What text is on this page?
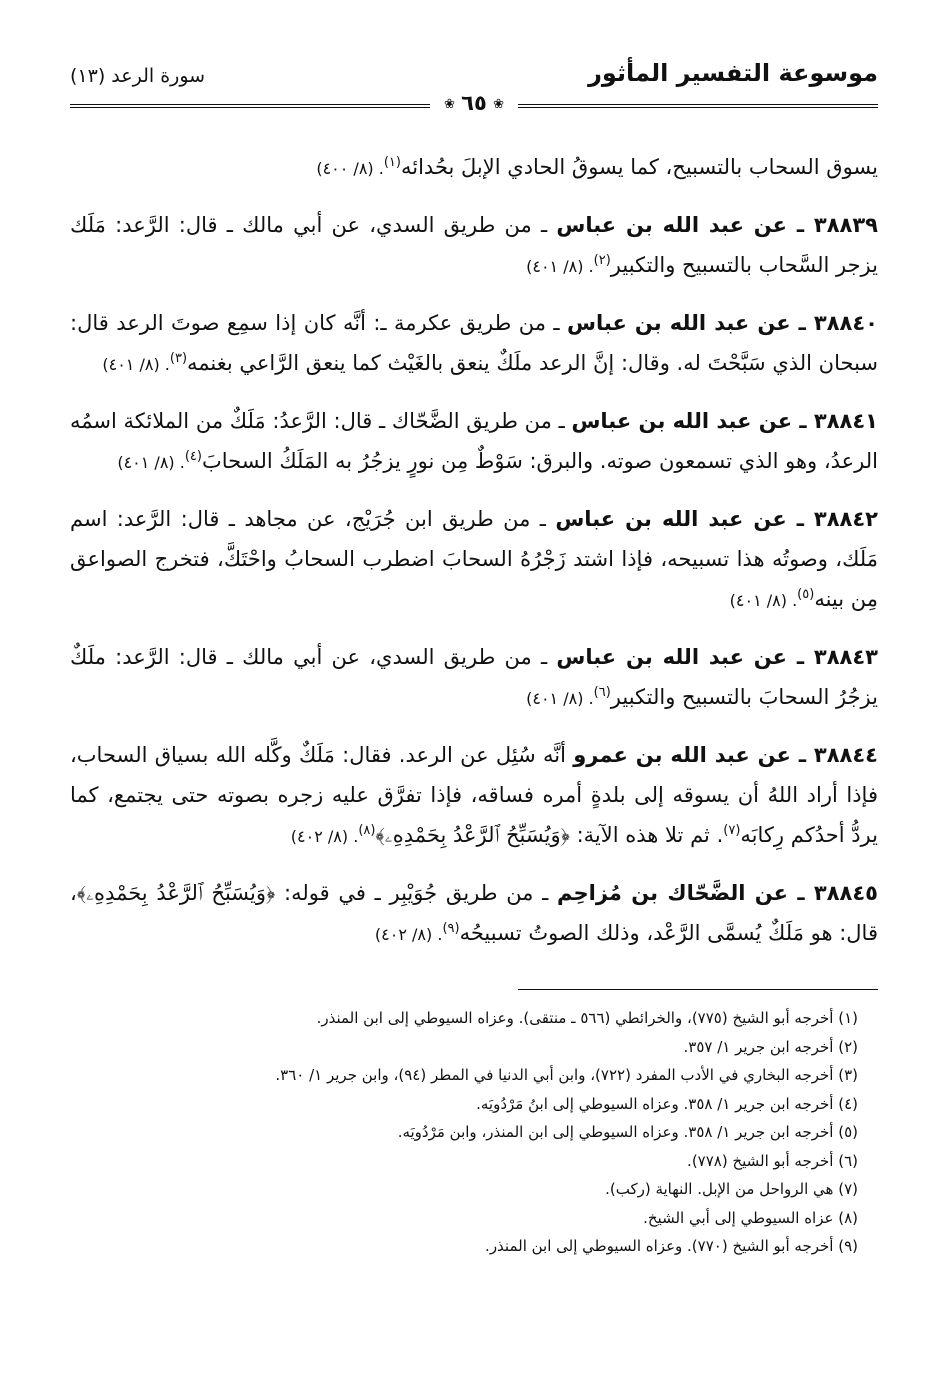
موسوعة التفسير المأثور
سورة الرعد (١٣)
❀
٦٥
❀
يسوق السحاب بالتسبيح، كما يسوقُ الحادي الإبلَ بحُدائه$^{(١)}$. (٨/ ٤٠٠)
٣٨٨٣٩ ـ عن عبد الله بن عباس ـ من طريق السدي، عن أبي مالك ـ قال: الرَّعد: مَلَك يزجر السَّحاب بالتسبيح والتكبير$^{(٢)}$. (٨/ ٤٠١)
٣٨٨٤٠ ـ عن عبد الله بن عباس ـ من طريق عكرمة ـ: أنَّه كان إذا سمِع صوتَ الرعد قال: سبحان الذي سَبَّحْتَ له. وقال: إنَّ الرعد ملَكٌ ينعق بالغَيْث كما ينعق الرَّاعي بغنمه$^{(٣)}$. (٨/ ٤٠١)
٣٨٨٤١ ـ عن عبد الله بن عباس ـ من طريق الضَّحّاك ـ قال: الرَّعدُ: مَلَكٌ من الملائكة اسمُه الرعدُ، وهو الذي تسمعون صوته. والبرق: سَوْطٌ مِن نورٍ يزجُرُ به المَلَكُ السحابَ$^{(٤)}$. (٨/ ٤٠١)
٣٨٨٤٢ ـ عن عبد الله بن عباس ـ من طريق ابن جُرَيْج، عن مجاهد ـ قال: الرَّعد: اسم مَلَك، وصوتُه هذا تسبيحه، فإذا اشتد زَجْرُهُ السحابَ اضطرب السحابُ واحْتَكَّ، فتخرج الصواعق مِن بينه$^{(٥)}$. (٨/ ٤٠١)
٣٨٨٤٣ ـ عن عبد الله بن عباس ـ من طريق السدي، عن أبي مالك ـ قال: الرَّعد: ملَكٌ يزجُرُ السحابَ بالتسبيح والتكبير$^{(٦)}$. (٨/ ٤٠١)
٣٨٨٤٤ ـ عن عبد الله بن عمرو أنَّه سُئِل عن الرعد. فقال: مَلَكٌ وكَّله الله بسياق السحاب، فإذا أراد اللهُ أن يسوقه إلى بلدةٍ أمره فساقه، فإذا تفرَّق عليه زجره بصوته حتى يجتمع، كما يردُّ أحدُكم رِكابَه$^{(٧)}$. ثم تلا هذه الآية: ﴿وَيُسَبِّحُ ٱلرَّعْدُ بِحَمْدِهِۦ﴾$^{(٨)}$. (٨/ ٤٠٢)
٣٨٨٤٥ ـ عن الضَّحّاك بن مُزاحِم ـ من طريق جُوَيْبِر ـ في قوله: ﴿وَيُسَبِّحُ ٱلرَّعْدُ بِحَمْدِهِۦ﴾، قال: هو مَلَكٌ يُسمَّى الرَّعْد، وذلك الصوتُ تسبيحُه$^{(٩)}$. (٨/ ٤٠٢)
(١) أخرجه أبو الشيخ (٧٧٥)، والخرائطي (٥٦٦ ـ منتقى). وعزاه السيوطي إلى ابن المنذر.
(٢) أخرجه ابن جرير ١/ ٣٥٧.
(٣) أخرجه البخاري في الأدب المفرد (٧٢٢)، وابن أبي الدنيا في المطر (٩٤)، وابن جرير ١/ ٣٦٠.
(٤) أخرجه ابن جرير ١/ ٣٥٨. وعزاه السيوطي إلى ابنُ مَرْدُويَه.
(٥) أخرجه ابن جرير ١/ ٣٥٨. وعزاه السيوطي إلى ابن المنذر، وابن مَرْدُويَه.
(٦) أخرجه أبو الشيخ (٧٧٨).
(٧) هي الرواحل من الإبل. النهاية (ركب).
(٨) عزاه السيوطي إلى أبي الشيخ.
(٩) أخرجه أبو الشيخ (٧٧٠). وعزاه السيوطي إلى ابن المنذر.
